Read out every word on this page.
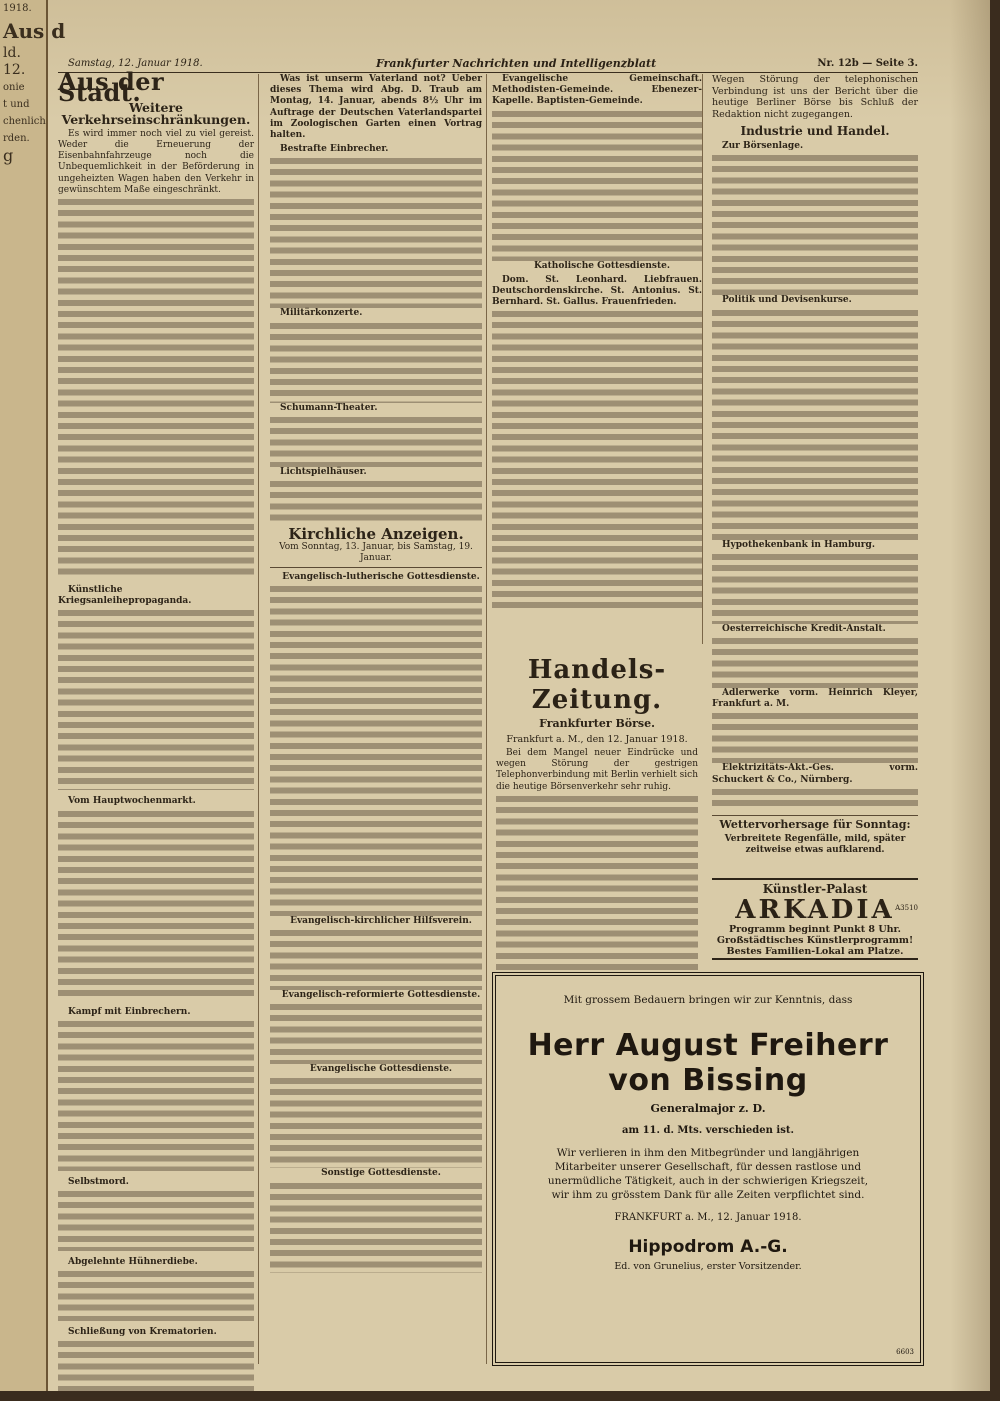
1918.
Aus d
ld.
12.
onie
t und
chenlich
rden.
g
Samstag, 12. Januar 1918.	Frankfurter Nachrichten und Intelligenzblatt	Nr. 12b — Seite 3.
Aus der Stadt.
Weitere Verkehrseinschränkungen.

Es wird immer noch viel zu viel gereist. Weder die Erneuerung der Eisenbahnfahrzeuge noch die Unbequemlichkeit in der Beförderung in ungeheizten Wagen haben den Verkehr in gewünschtem Maße eingeschränkt.

Künstliche Kriegsanleihepropaganda.

Vom Hauptwochenmarkt.

Kampf mit Einbrechern.

Selbstmord.

Abgelehnte Hühnerdiebe.

Schließung von Krematorien.

Was ist unserm Vaterland not? Ueber dieses Thema wird Abg. D. Traub am Montag, 14. Januar, abends 8½ Uhr im Auftrage der Deutschen Vaterlandspartei im Zoologischen Garten einen Vortrag halten.

Bestrafte Einbrecher.

Militärkonzerte.

Schumann-Theater.

Lichtspielhäuser.

Kirchliche Anzeigen.
Vom Sonntag, 13. Januar, bis Samstag, 19. Januar.

Evangelisch-lutherische Gottesdienste.

Evangelisch-kirchlicher Hilfsverein.

Evangelisch-reformierte Gottesdienste.

Evangelische Gottesdienste.

Sonstige Gottesdienste.

Evangelische Gemeinschaft. Methodisten-Gemeinde. Ebenezer-Kapelle. Baptisten-Gemeinde.

Katholische Gottesdienste.

Dom. St. Leonhard. Liebfrauen. Deutschordenskirche. St. Antonius. St. Bernhard. St. Gallus. Frauenfrieden.

Handels-Zeitung.
Frankfurter Börse.
Frankfurt a. M., den 12. Januar 1918.

Bei dem Mangel neuer Eindrücke und wegen Störung der gestrigen Telephonverbindung mit Berlin verhielt sich die heutige Börsenverkehr sehr ruhig.

Wegen Störung der telephonischen Verbindung ist uns der Bericht über die heutige Berliner Börse bis Schluß der Redaktion nicht zugegangen.

Industrie und Handel.

Zur Börsenlage.

Politik und Devisenkurse.

Hypothekenbank in Hamburg.

Oesterreichische Kredit-Anstalt.

Adlerwerke vorm. Heinrich Kleyer, Frankfurt a. M.

Elektrizitäts-Akt.-Ges. vorm. Schuckert & Co., Nürnberg.

Wettervorhersage für Sonntag:

Verbreitete Regenfälle, mild, später zeitweise etwas aufklarend.

Künstler-Palast
ARKADIA
Programm beginnt Punkt 8 Uhr.
Großstädtisches Künstlerprogramm!
Bestes Familien-Lokal am Platze.
A3510
Mit grossem Bedauern bringen wir zur Kenntnis, dass
Herr August Freiherr von Bissing
Generalmajor z. D.
am 11. d. Mts. verschieden ist.
Wir verlieren in ihm den Mitbegründer und langjährigen Mitarbeiter unserer Gesellschaft, für dessen rastlose und unermüdliche Tätigkeit, auch in der schwierigen Kriegszeit, wir ihm zu grösstem Dank für alle Zeiten verpflichtet sind.
FRANKFURT a. M., 12. Januar 1918.
Hippodrom A.-G.
Ed. von Grunelius, erster Vorsitzender.
6603
